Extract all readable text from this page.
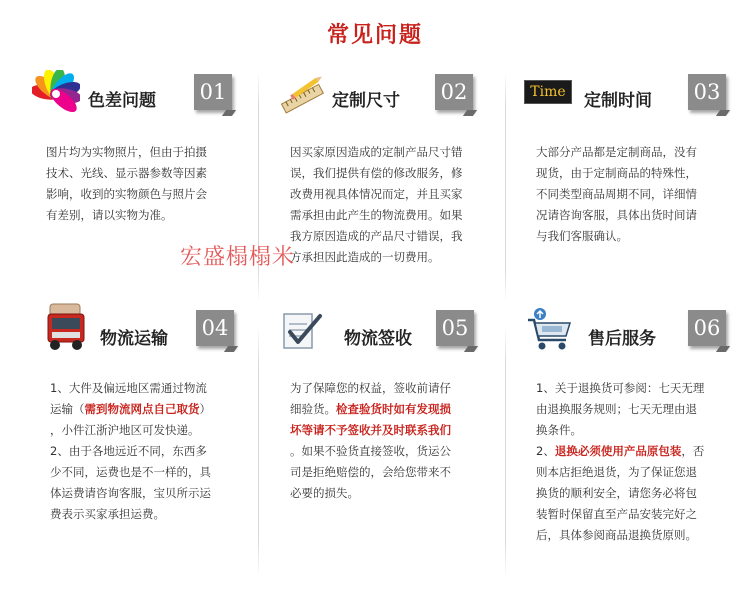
常见问题
色差问题 01

图片均为实物照片，但由于拍摄

技术、光线、显示器参数等因素

影响，收到的实物颜色与照片会

有差别，请以实物为准。

定制尺寸 02

因买家原因造成的定制产品尺寸错

误，我们提供有偿的修改服务，修

改费用视具体情况而定，并且买家

需承担由此产生的物流费用。如果

我方原因造成的产品尺寸错误，我

方承担因此造成的一切费用。

Time	定制时间 03

大部分产品都是定制商品，没有

现货，由于定制商品的特殊性，

不同类型商品周期不同，详细情

况请咨询客服，具体出货时间请

与我们客服确认。

物流运输 04

1、大件及偏远地区需通过物流

运输（需到物流网点自己取货）

，小件江浙沪地区可发快递。

2、由于各地远近不同，东西多

少不同，运费也是不一样的，具

体运费请咨询客服，宝贝所示运

费表示买家承担运费。

物流签收 05

为了保障您的权益，签收前请仔

细验货。检查验货时如有发现损

坏等请不予签收并及时联系我们

。如果不验货直接签收，货运公

司是拒绝赔偿的，会给您带来不

必要的损失。

售后服务 06

1、关于退换货可参阅：七天无理

由退换服务规则；七天无理由退

换条件。

2、退换必须使用产品原包装，否

则本店拒绝退货，为了保证您退

换货的顺利安全，请您务必将包

装暂时保留直至产品安装完好之

后，具体参阅商品退换货原则。

宏盛榻榻米
